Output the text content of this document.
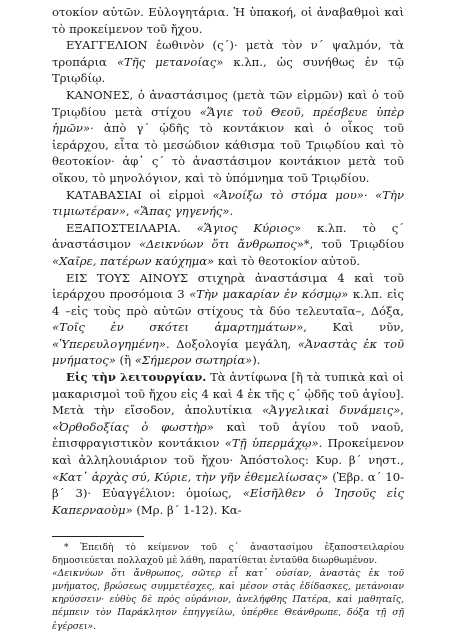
οτοκίον αὐτῶν. Εὐλογητάρια. Ἡ ὑπακοή, οἱ ἀναβαθμοὶ καὶ τὸ προκείμενον τοῦ ἤχου.

ΕΥΑΓΓΕΛΙΟΝ ἑωθινὸν (ς΄)· μετὰ τὸν ν΄ ψαλμόν, τὰ τροπάρια «Τῆς μετανοίας» κ.λπ., ὡς συνήθως ἐν τῷ Τριῳδίῳ.

ΚΑΝΟΝΕΣ, ὁ ἀναστάσιμος (μετὰ τῶν εἱρμῶν) καὶ ὁ τοῦ Τριῳδίου μετὰ στίχου «Ἅγιε τοῦ Θεοῦ, πρέσβευε ὑπὲρ ἡμῶν»· ἀπὸ γ΄ ᾠδῆς τὸ κοντάκιον καὶ ὁ οἶκος τοῦ ἱεράρχου, εἶτα τὸ μεσώδιον κάθισμα τοῦ Τριῳδίου καὶ τὸ θεοτοκίον· ἀφ᾽ ς΄ τὸ ἀναστάσιμον κοντάκιον μετὰ τοῦ οἴκου, τὸ μηνολόγιον, καὶ τὸ ὑπόμνημα τοῦ Τριῳδίου.

ΚΑΤΑΒΑΣΙΑΙ οἱ εἱρμοὶ «Ἀνοίξω τὸ στόμα μου»· «Τὴν τιμιωτέραν», «Ἅπας γηγενής».

ΕΞΑΠΟΣΤΕΙΛΑΡΙΑ. «Ἅγιος Κύριος» κ.λπ. τὸ ς΄ ἀναστάσιμον «Δεικνύων ὅτι ἄνθρωπος»*, τοῦ Τριῳδίου «Χαῖρε, πατέρων καύχημα» καὶ τὸ θεοτοκίον αὐτοῦ.

ΕΙΣ ΤΟΥΣ ΑΙΝΟΥΣ στιχηρὰ ἀναστάσιμα 4 καὶ τοῦ ἱεράρχου προσόμοια 3 «Τὴν μακαρίαν ἐν κόσμῳ» κ.λπ. εἰς 4 –εἰς τοὺς πρὸ αὐτῶν στίχους τὰ δύο τελευταῖα–, Δόξα, «Τοῖς ἐν σκότει ἁμαρτημάτων», Καὶ νῦν, «Ὑπερευλογημένη». Δοξολογία μεγάλη, «Ἀναστὰς ἐκ τοῦ μνήματος» (ἢ «Σήμερον σωτηρία»).

Εἰς τὴν λειτουργίαν. Τὰ ἀντίφωνα [ἢ τὰ τυπικὰ καὶ οἱ μακαρισμοὶ τοῦ ἤχου εἰς 4 καὶ 4 ἐκ τῆς ς΄ ᾠδῆς τοῦ ἁγίου]. Μετὰ τὴν εἴσοδον, ἀπολυτίκια «Ἀγγελικαὶ δυνάμεις», «Ὀρθοδοξίας ὁ φωστὴρ» καὶ τοῦ ἁγίου τοῦ ναοῦ, ἐπισφραγιστικὸν κοντάκιον «Τῇ ὑπερμάχῳ». Προκείμενον καὶ ἀλληλουιάριον τοῦ ἤχου· Ἀπόστολος: Κυρ. β΄ νηστ., «Κατ᾽ ἀρχὰς σύ, Κύριε, τὴν γῆν ἐθεμελίωσας» (Ἑβρ. α΄ 10-β΄ 3)· Εὐαγγέλιον: ὁμοίως, «Εἰσῆλθεν ὁ Ἰησοῦς εἰς Καπερναοὺμ» (Μρ. β΄ 1-12). Κα-

* Ἐπειδὴ τὸ κείμενον τοῦ ς΄ ἀναστασίμου ἐξαποστειλαρίου δημοσιεύεται πολλαχοῦ μὲ λάθη, παρατίθεται ἐνταῦθα διωρθωμένον.

«Δεικνύων ὅτι ἄνθρωπος, σῶτερ εἶ κατ᾽ οὐσίαν, ἀναστὰς ἐκ τοῦ μνήματος, βρώσεως συμμετέσχες, καὶ μέσον στὰς ἐδίδασκες, μετάνοιαν κηρύσσειν· εὐθὺς δὲ πρὸς οὐράνιον, ἀνελήφθης Πατέρα, καὶ μαθηταῖς, πέμπειν τὸν Παράκλητον ἐπηγγείλω, ὑπέρθεε Θεάνθρωπε, δόξα τῇ σῇ ἐγέρσει».
